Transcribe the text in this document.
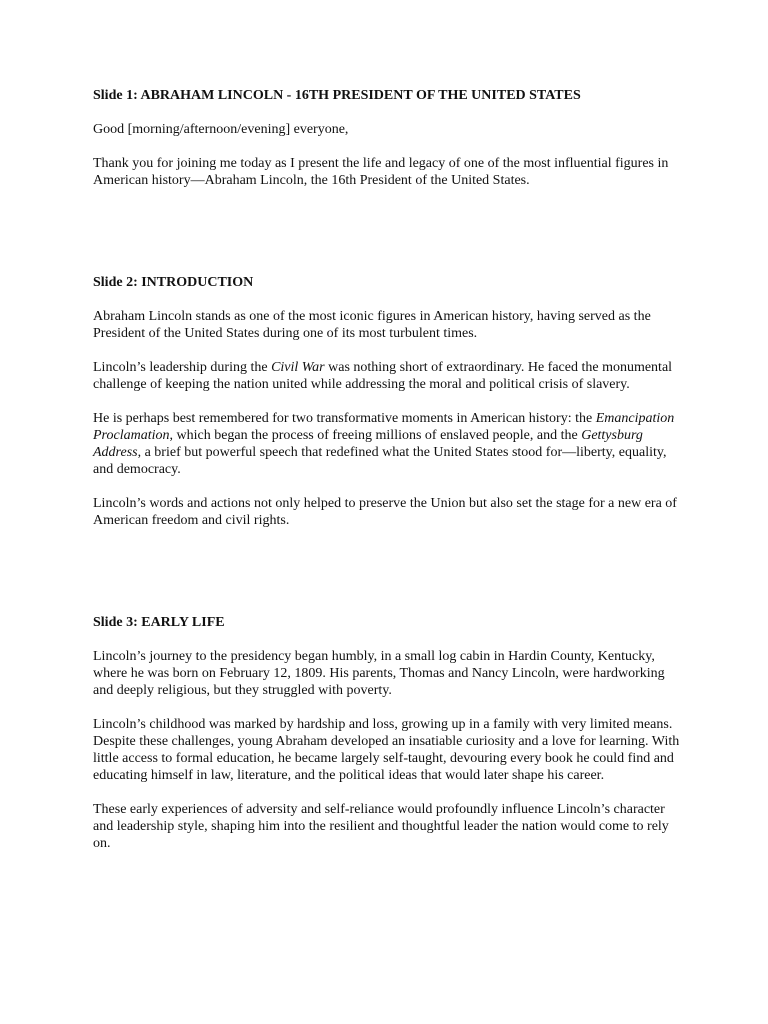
Slide 1: ABRAHAM LINCOLN - 16TH PRESIDENT OF THE UNITED STATES

Good [morning/afternoon/evening] everyone,

Thank you for joining me today as I present the life and legacy of one of the most influential figures in American history—Abraham Lincoln, the 16th President of the United States.

Slide 2: INTRODUCTION

Abraham Lincoln stands as one of the most iconic figures in American history, having served as the President of the United States during one of its most turbulent times.

Lincoln’s leadership during the Civil War was nothing short of extraordinary. He faced the monumental challenge of keeping the nation united while addressing the moral and political crisis of slavery.

He is perhaps best remembered for two transformative moments in American history: the Emancipation Proclamation, which began the process of freeing millions of enslaved people, and the Gettysburg Address, a brief but powerful speech that redefined what the United States stood for—liberty, equality, and democracy.

Lincoln’s words and actions not only helped to preserve the Union but also set the stage for a new era of American freedom and civil rights.

Slide 3: EARLY LIFE

Lincoln’s journey to the presidency began humbly, in a small log cabin in Hardin County, Kentucky, where he was born on February 12, 1809. His parents, Thomas and Nancy Lincoln, were hardworking and deeply religious, but they struggled with poverty.

Lincoln’s childhood was marked by hardship and loss, growing up in a family with very limited means. Despite these challenges, young Abraham developed an insatiable curiosity and a love for learning. With little access to formal education, he became largely self-taught, devouring every book he could find and educating himself in law, literature, and the political ideas that would later shape his career.

These early experiences of adversity and self-reliance would profoundly influence Lincoln’s character and leadership style, shaping him into the resilient and thoughtful leader the nation would come to rely on.
